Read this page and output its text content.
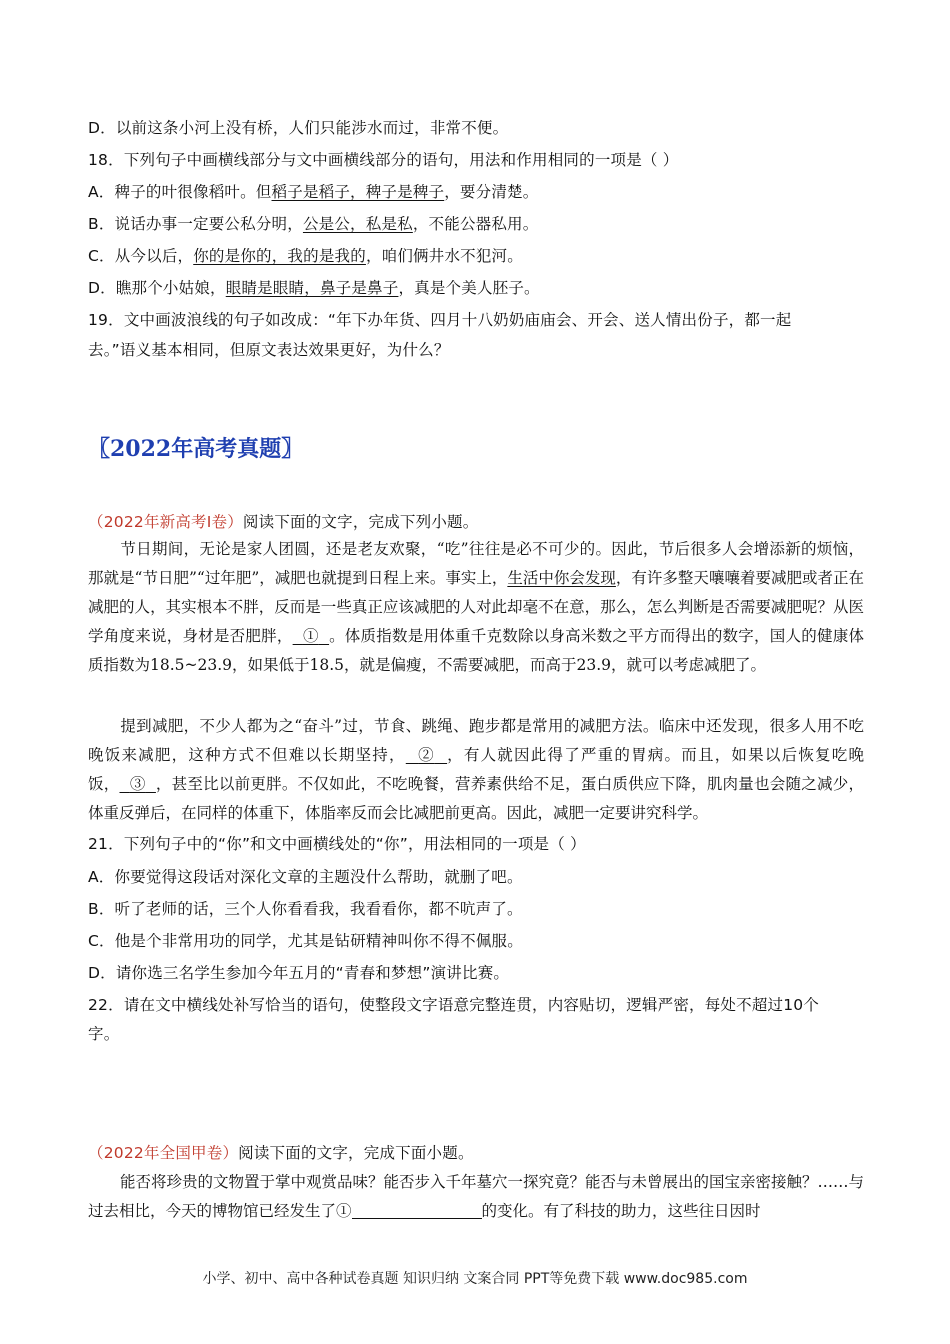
D．以前这条小河上没有桥，人们只能涉水而过，非常不便。
18．下列句子中画横线部分与文中画横线部分的语句，用法和作用相同的一项是（ ）
A．稗子的叶很像稻叶。但稻子是稻子，稗子是稗子，要分清楚。
B．说话办事一定要公私分明，公是公，私是私，不能公器私用。
C．从今以后，你的是你的，我的是我的，咱们俩井水不犯河。
D．瞧那个小姑娘，眼睛是眼睛，鼻子是鼻子，真是个美人胚子。
19．文中画波浪线的句子如改成：“年下办年货、四月十八奶奶庙庙会、开会、送人情出份子，都一起
去。”语义基本相同，但原文表达效果更好，为什么？
〖2022年高考真题〗
（2022年新高考Ⅰ卷）阅读下面的文字，完成下列小题。
节日期间，无论是家人团圆，还是老友欢聚，“吃”往往是必不可少的。因此，节后很多人会增添新的烦恼，那就是“节日肥”“过年肥”，减肥也就提到日程上来。事实上，生活中你会发现，有许多整天嚷嚷着要减肥或者正在减肥的人，其实根本不胖，反而是一些真正应该减肥的人对此却毫不在意，那么，怎么判断是否需要减肥呢？从医学角度来说，身材是否肥胖， ① 。体质指数是用体重千克数除以身高米数之平方而得出的数字，国人的健康体质指数为18.5~23.9，如果低于18.5，就是偏瘦，不需要减肥，而高于23.9，就可以考虑减肥了。
提到减肥，不少人都为之“奋斗”过，节食、跳绳、跑步都是常用的减肥方法。临床中还发现，很多人用不吃晚饭来减肥，这种方式不但难以长期坚持， ② ，有人就因此得了严重的胃病。而且，如果以后恢复吃晚饭， ③ ，甚至比以前更胖。不仅如此，不吃晚餐，营养素供给不足，蛋白质供应下降，肌肉量也会随之减少，体重反弹后，在同样的体重下，体脂率反而会比减肥前更高。因此，减肥一定要讲究科学。
21．下列句子中的“你”和文中画横线处的“你”，用法相同的一项是（ ）
A．你要觉得这段话对深化文章的主题没什么帮助，就删了吧。
B．听了老师的话，三个人你看看我，我看看你，都不吭声了。
C．他是个非常用功的同学，尤其是钻研精神叫你不得不佩服。
D．请你选三名学生参加今年五月的“青春和梦想”演讲比赛。
22．请在文中横线处补写恰当的语句，使整段文字语意完整连贯，内容贴切，逻辑严密，每处不超过10个
字。
（2022年全国甲卷）阅读下面的文字，完成下面小题。
能否将珍贵的文物置于掌中观赏品味？能否步入千年墓穴一探究竟？能否与未曾展出的国宝亲密接触？……与过去相比，今天的博物馆已经发生了①	的变化。有了科技的助力，这些往日因时
小学、初中、高中各种试卷真题 知识归纳 文案合同 PPT等免费下载 www.doc985.com
